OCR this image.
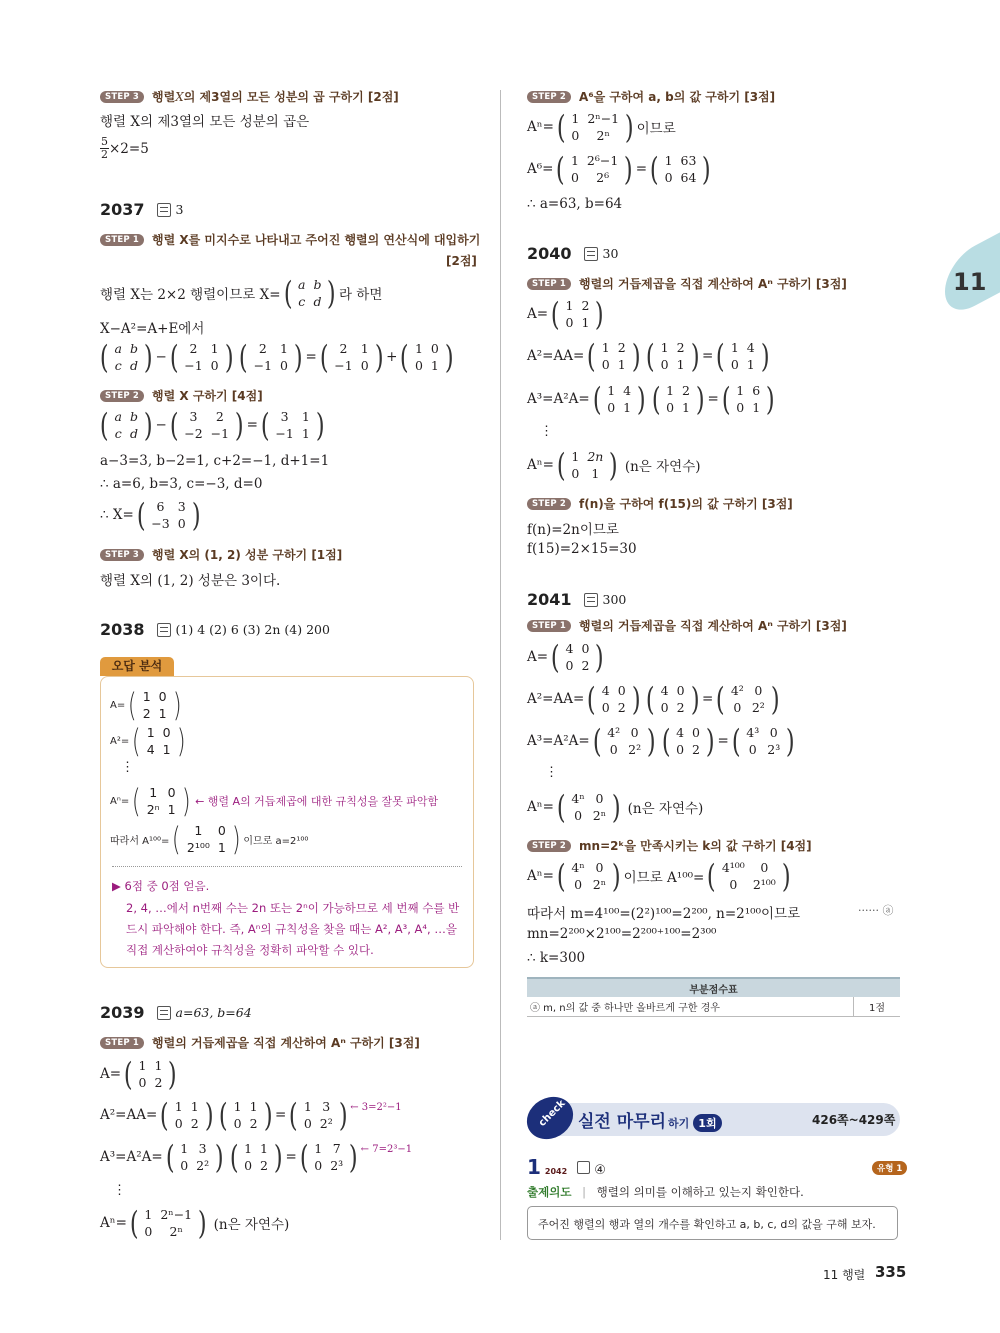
11
STEP 3	행렬 X 의 제3열의 모든 성분의 곱 구하기 [2점]
행렬 X의 제3열의 모든 성분의 곱은
$\frac{5}{2} \times 2=5$
2037 3
STEP 1	행렬 X를 미지수로 나타내고 주어진 행렬의 연산식에 대입하기
[2점]
행렬 X는 2×2 행렬이므로 X= ( a	b
c	d ) 라 하면
X−A²=A+E에서
( a	b
c	d ) − ( 2	1
−1	0 ) ( 2	1
−1	0 ) = ( 2	1
−1	0 ) + ( 1	0
0	1 )
STEP 2	행렬 X 구하기 [4점]
( a	b
c	d ) − ( 3	2
−2	−1 ) = ( 3	1
−1	1 )
a−3=3, b−2=1, c+2=−1, d+1=1
∴ a=6, b=3, c=−3, d=0
∴ X= ( 6	3
−3	0 )
STEP 3	행렬 X의 (1, 2) 성분 구하기 [1점]
행렬 X의 (1, 2) 성분은 3이다.
2038 (1) 4 (2) 6 (3) 2n (4) 200
오답 분석
A= ( 1	0
2	1 )
A²= ( 1	0
4	1 )
⋮
Aⁿ= ( 1	0
2ⁿ	1 ) ← 행렬 A의 거듭제곱에 대한 규칙성을 잘못 파악함
따라서 A¹⁰⁰= ( 1	0
2¹⁰⁰	1 ) 이므로 a=2¹⁰⁰
▶ 6점 중 0점 얻음.
2, 4, …에서 n번째 수는 2n 또는 2ⁿ이 가능하므로 세 번째 수를 반
드시 파악해야 한다. 즉, Aⁿ의 규칙성을 찾을 때는 A², A³, A⁴, …을
직접 계산하여야 규칙성을 정확히 파악할 수 있다.
2039 a=63, b=64
STEP 1	행렬의 거듭제곱을 직접 계산하여 Aⁿ 구하기 [3점]
A= ( 1	1
0	2 )
A²=AA= ( 1	1
0	2 ) ( 1	1
0	2 ) = ( 1	3
0	2² ) ← 3=2²−1
A³=A²A= ( 1	3
0	2² ) ( 1	1
0	2 ) = ( 1	7
0	2³ ) ← 7=2³−1
⋮
Aⁿ= ( 1	2ⁿ−1
0	2ⁿ ) (n은 자연수)
STEP 2	A⁶을 구하여 a, b의 값 구하기 [3점]
Aⁿ= ( 1	2ⁿ−1
0	2ⁿ ) 이므로
A⁶= ( 1	2⁶−1
0	2⁶ ) = ( 1	63
0	64 )
∴ a=63, b=64
2040 30
STEP 1	행렬의 거듭제곱을 직접 계산하여 Aⁿ 구하기 [3점]
A= ( 1	2
0	1 )
A²=AA= ( 1	2
0	1 ) ( 1	2
0	1 ) = ( 1	4
0	1 )
A³=A²A= ( 1	4
0	1 ) ( 1	2
0	1 ) = ( 1	6
0	1 )
⋮
Aⁿ= ( 1	2n
0	1 ) (n은 자연수)
STEP 2	f(n)을 구하여 f(15)의 값 구하기 [3점]
f(n)=2n이므로
f(15)=2×15=30
2041 300
STEP 1	행렬의 거듭제곱을 직접 계산하여 Aⁿ 구하기 [3점]
A= ( 4	0
0	2 )
A²=AA= ( 4	0
0	2 ) ( 4	0
0	2 ) = ( 4²	0
0	2² )
A³=A²A= ( 4²	0
0	2² ) ( 4	0
0	2 ) = ( 4³	0
0	2³ )
⋮
Aⁿ= ( 4ⁿ	0
0	2ⁿ ) (n은 자연수)
STEP 2	mn=2ᵏ을 만족시키는 k의 값 구하기 [4점]
Aⁿ= ( 4ⁿ	0
0	2ⁿ ) 이므로 A¹⁰⁰= ( 4¹⁰⁰	0
0	2¹⁰⁰ )
따라서 m=4¹⁰⁰=(2²)¹⁰⁰=2²⁰⁰, n=2¹⁰⁰이므로	······ ⓐ
mn=2²⁰⁰×2¹⁰⁰=2²⁰⁰⁺¹⁰⁰=2³⁰⁰
∴ k=300
부분점수표
ⓐ m, n의 값 중 하나만 올바르게 구한 경우	1점
check 실전 마무리 하기 1회	426쪽~429쪽
1 2042 ④	유형 1
출제의도 | 행렬의 의미를 이해하고 있는지 확인한다.
주어진 행렬의 행과 열의 개수를 확인하고 a, b, c, d의 값을 구해 보자.
11 행렬 335
